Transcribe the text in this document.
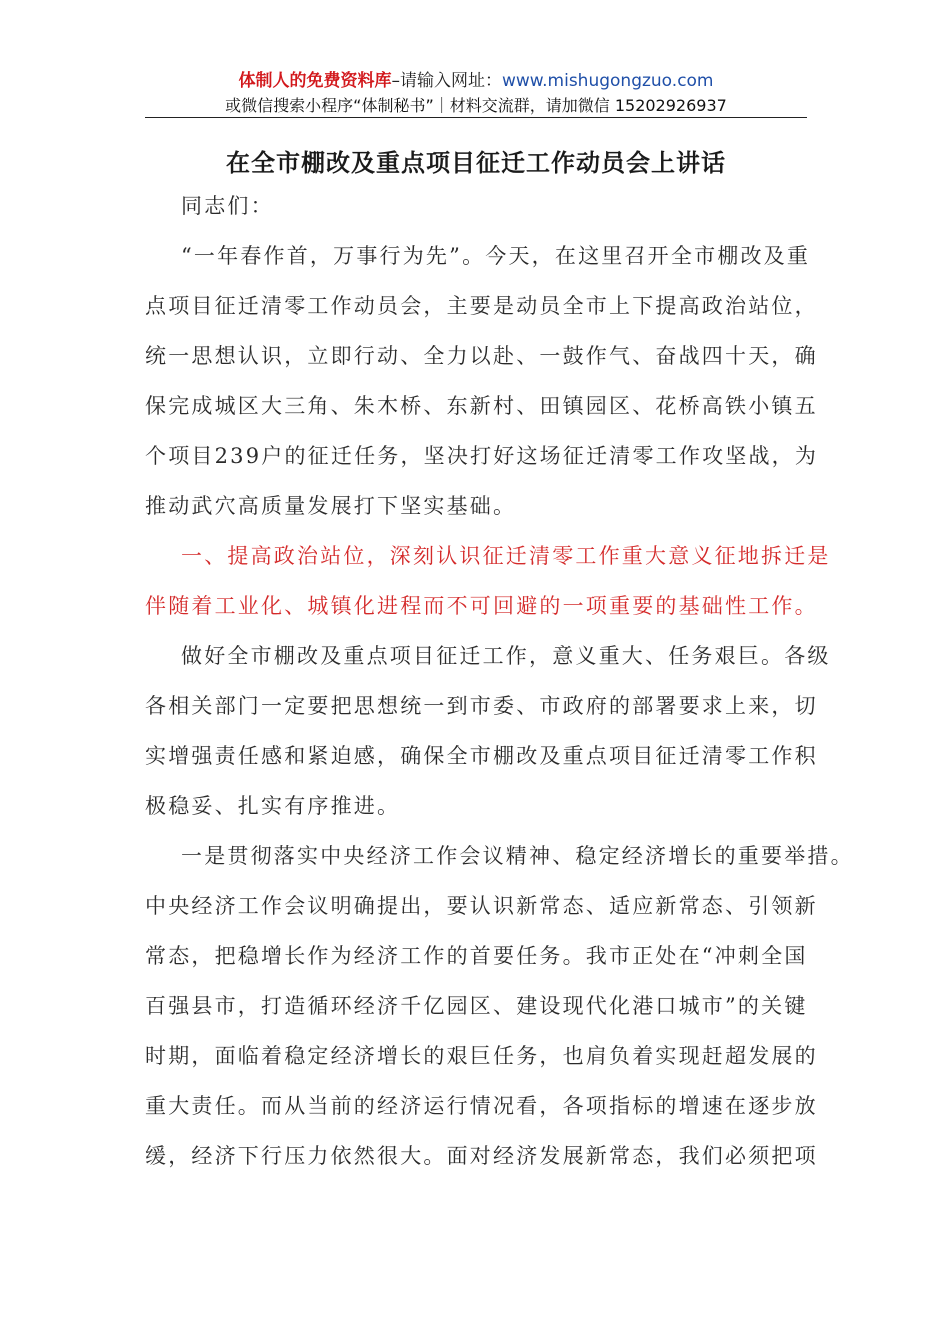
体制人的免费资料库–请输入网址：www.mishugongzuo.com
或微信搜索小程序“体制秘书”｜材料交流群，请加微信 15202926937
在全市棚改及重点项目征迁工作动员会上讲话
同志们：
“一年春作首，万事行为先”。今天，在这里召开全市棚改及重
点项目征迁清零工作动员会，主要是动员全市上下提高政治站位，
统一思想认识，立即行动、全力以赴、一鼓作气、奋战四十天，确
保完成城区大三角、朱木桥、东新村、田镇园区、花桥高铁小镇五
个项目239户的征迁任务，坚决打好这场征迁清零工作攻坚战，为
推动武穴高质量发展打下坚实基础。
一、提高政治站位，深刻认识征迁清零工作重大意义征地拆迁是
伴随着工业化、城镇化进程而不可回避的一项重要的基础性工作。
做好全市棚改及重点项目征迁工作，意义重大、任务艰巨。各级
各相关部门一定要把思想统一到市委、市政府的部署要求上来，切
实增强责任感和紧迫感，确保全市棚改及重点项目征迁清零工作积
极稳妥、扎实有序推进。
一是贯彻落实中央经济工作会议精神、稳定经济增长的重要举措。
中央经济工作会议明确提出，要认识新常态、适应新常态、引领新
常态，把稳增长作为经济工作的首要任务。我市正处在“冲刺全国
百强县市，打造循环经济千亿园区、建设现代化港口城市”的关键
时期，面临着稳定经济增长的艰巨任务，也肩负着实现赶超发展的
重大责任。而从当前的经济运行情况看，各项指标的增速在逐步放
缓，经济下行压力依然很大。面对经济发展新常态，我们必须把项
